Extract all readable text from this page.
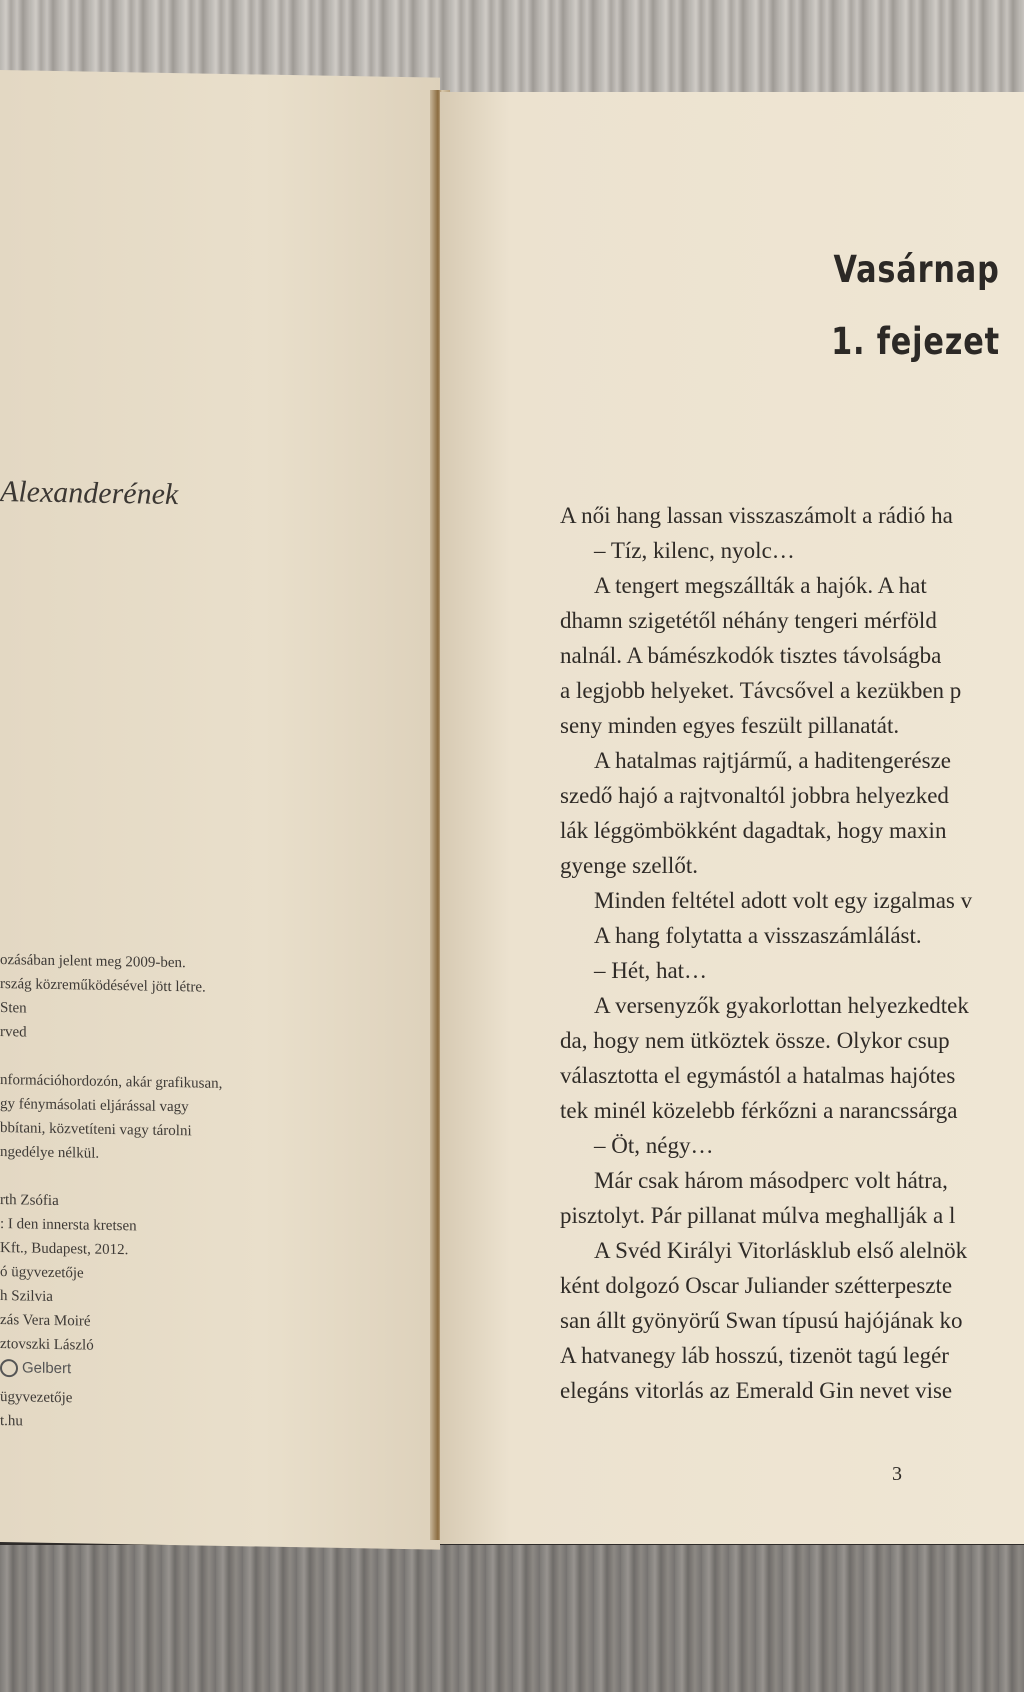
Alexanderének
ozásában jelent meg 2009-ben.
rszág közreműködésével jött létre.
Sten
rved
nformációhordozón, akár grafikusan,
gy fénymásolati eljárással vagy
bbítani, közvetíteni vagy tárolni
ngedélye nélkül.
rth Zsófia
: I den innersta kretsen
Kft., Budapest, 2012.
ó ügyvezetője
h Szilvia
zás Vera Moiré
ztovszki László
Gelbert
ügyvezetője
t.hu
Vasárnap
1. fejezet
A női hang lassan visszaszámolt a rádió ha
– Tíz, kilenc, nyolc…
A tengert megszállták a hajók. A hat
dhamn szigetétől néhány tengeri mérföld
nalnál. A bámészkodók tisztes távolságba
a legjobb helyeket. Távcsővel a kezükben p
seny minden egyes feszült pillanatát.
A hatalmas rajtjármű, a haditengerésze
szedő hajó a rajtvonaltól jobbra helyezked
lák léggömbökként dagadtak, hogy maxin
gyenge szellőt.
Minden feltétel adott volt egy izgalmas v
A hang folytatta a visszaszámlálást.
– Hét, hat…
A versenyzők gyakorlottan helyezkedtek
da, hogy nem ütköztek össze. Olykor csup
választotta el egymástól a hatalmas hajótes
tek minél közelebb férkőzni a narancssárga
– Öt, négy…
Már csak három másodperc volt hátra,
pisztolyt. Pár pillanat múlva meghallják a l
A Svéd Királyi Vitorlásklub első alelnök
ként dolgozó Oscar Juliander szétterpeszte
san állt gyönyörű Swan típusú hajójának ko
A hatvanegy láb hosszú, tizenöt tagú legér
elegáns vitorlás az Emerald Gin nevet vise
3
